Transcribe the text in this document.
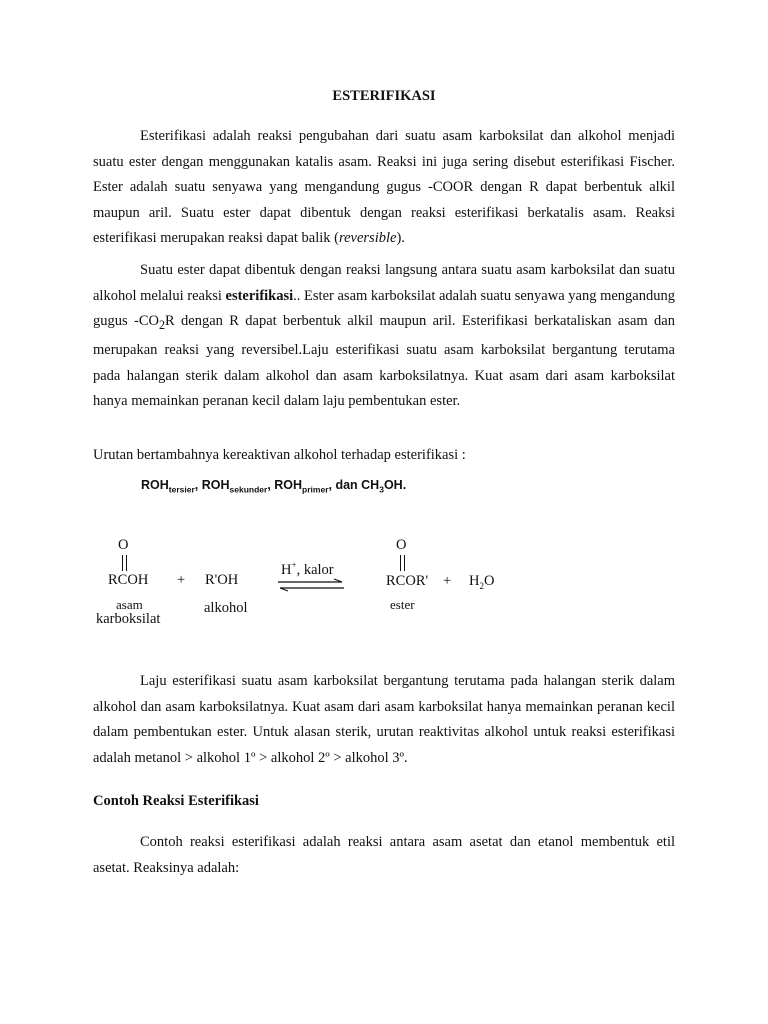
ESTERIFIKASI

Esterifikasi adalah reaksi pengubahan dari suatu asam karboksilat dan alkohol menjadi suatu ester dengan menggunakan katalis asam. Reaksi ini juga sering disebut esterifikasi Fischer. Ester adalah suatu senyawa yang mengandung gugus -COOR dengan R dapat berbentuk alkil maupun aril. Suatu ester dapat dibentuk dengan reaksi esterifikasi berkatalis asam. Reaksi esterifikasi merupakan reaksi dapat balik (reversible).

Suatu ester dapat dibentuk dengan reaksi langsung antara suatu asam karboksilat dan suatu alkohol melalui reaksi esterifikasi.. Ester asam karboksilat adalah suatu senyawa yang mengandung gugus $-CO_2R$ dengan R dapat berbentuk alkil maupun aril. Esterifikasi berkataliskan asam dan merupakan reaksi yang reversibel.Laju esterifikasi suatu asam karboksilat bergantung terutama pada halangan sterik dalam alkohol dan asam karboksilatnya. Kuat asam dari asam karboksilat hanya memainkan peranan kecil dalam laju pembentukan ester.

Urutan bertambahnya kereaktivan alkohol terhadap esterifikasi :

$ROH_{tersier}$, $ROH_{sekunder}$, $ROH_{primer}$, dan $CH_3OH$.
O
RCOH + R'OH
H+, kalor
O
RCOR' + $H_2O$
asam
karboksilat
alkohol	ester

Laju esterifikasi suatu asam karboksilat bergantung terutama pada halangan sterik dalam alkohol dan asam karboksilatnya. Kuat asam dari asam karboksilat hanya memainkan peranan kecil dalam pembentukan ester. Untuk alasan sterik, urutan reaktivitas alkohol untuk reaksi esterifikasi adalah metanol > alkohol 1º > alkohol 2º > alkohol 3º.

Contoh Reaksi Esterifikasi

Contoh reaksi esterifikasi adalah reaksi antara asam asetat dan etanol membentuk etil asetat. Reaksinya adalah:
